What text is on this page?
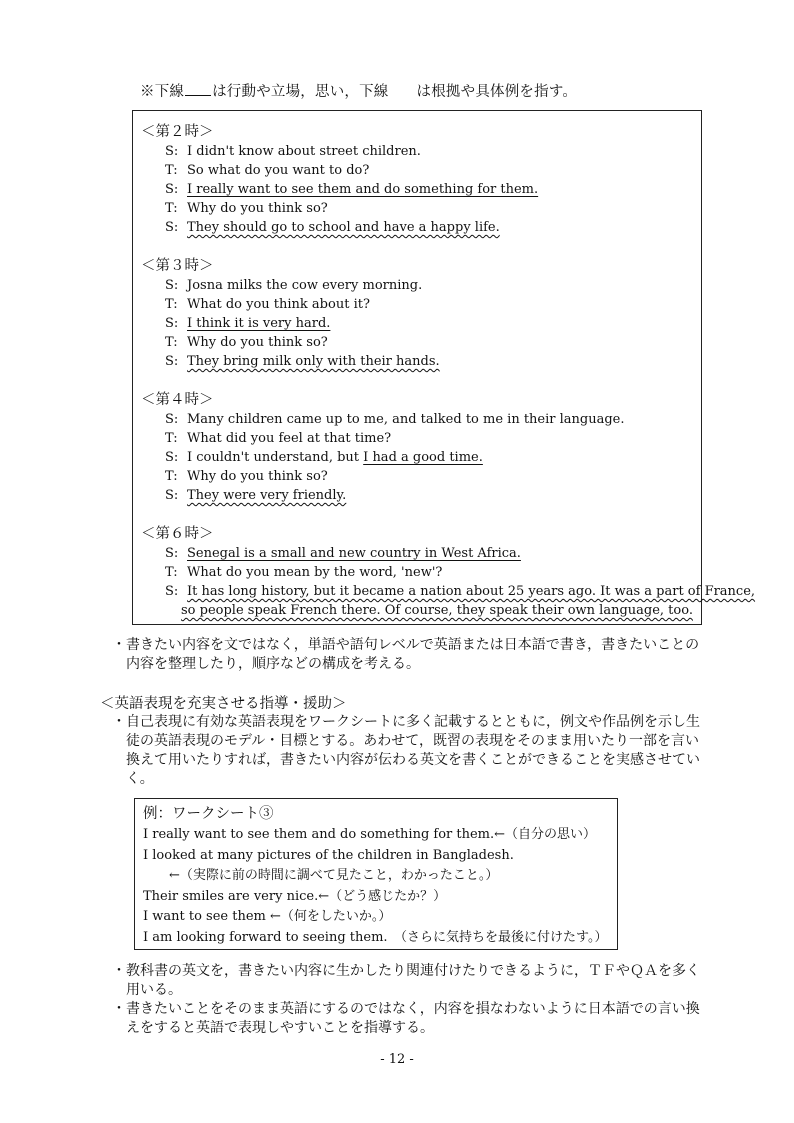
※下線 は行動や立場，思い，下線 は根拠や具体例を指す。
＜第２時＞
S: I didn't know about street children.
T: So what do you want to do?
S: I really want to see them and do something for them.
T: Why do you think so?
S: They should go to school and have a happy life.
＜第３時＞
S: Josna milks the cow every morning.
T: What do you think about it?
S: I think it is very hard.
T: Why do you think so?
S: They bring milk only with their hands.
＜第４時＞
S: Many children came up to me, and talked to me in their language.
T: What did you feel at that time?
S: I couldn't understand, but I had a good time.
T: Why do you think so?
S: They were very friendly.
＜第６時＞
S: Senegal is a small and new country in West Africa.
T: What do you mean by the word, 'new'?
S: It has long history, but it became a nation about 25 years ago. It was a part of France,
so people speak French there. Of course, they speak their own language, too.
・ 書きたい内容を文ではなく，単語や語句レベルで英語または日本語で書き，書きたいことの
内容を整理したり，順序などの構成を考える。
＜英語表現を充実させる指導・援助＞
・ 自己表現に有効な英語表現をワークシートに多く記載するとともに，例文や作品例を示し生
徒の英語表現のモデル・目標とする。あわせて，既習の表現をそのまま用いたり一部を言い
換えて用いたりすれば，書きたい内容が伝わる英文を書くことができることを実感させてい
く。
例：ワークシート③
I really want to see them and do something for them.←（自分の思い）
I looked at many pictures of the children in Bangladesh.
　　←（実際に前の時間に調べて見たこと，わかったこと。）
Their smiles are very nice.←（どう感じたか？）
I want to see them ←（何をしたいか。）
I am looking forward to seeing them.　（さらに気持ちを最後に付けたす。）
・ 教科書の英文を，書きたい内容に生かしたり関連付けたりできるように，ＴＦやＱＡを多く
用いる。
・ 書きたいことをそのまま英語にするのではなく，内容を損なわないように日本語での言い換
えをすると英語で表現しやすいことを指導する。
- 12 -
